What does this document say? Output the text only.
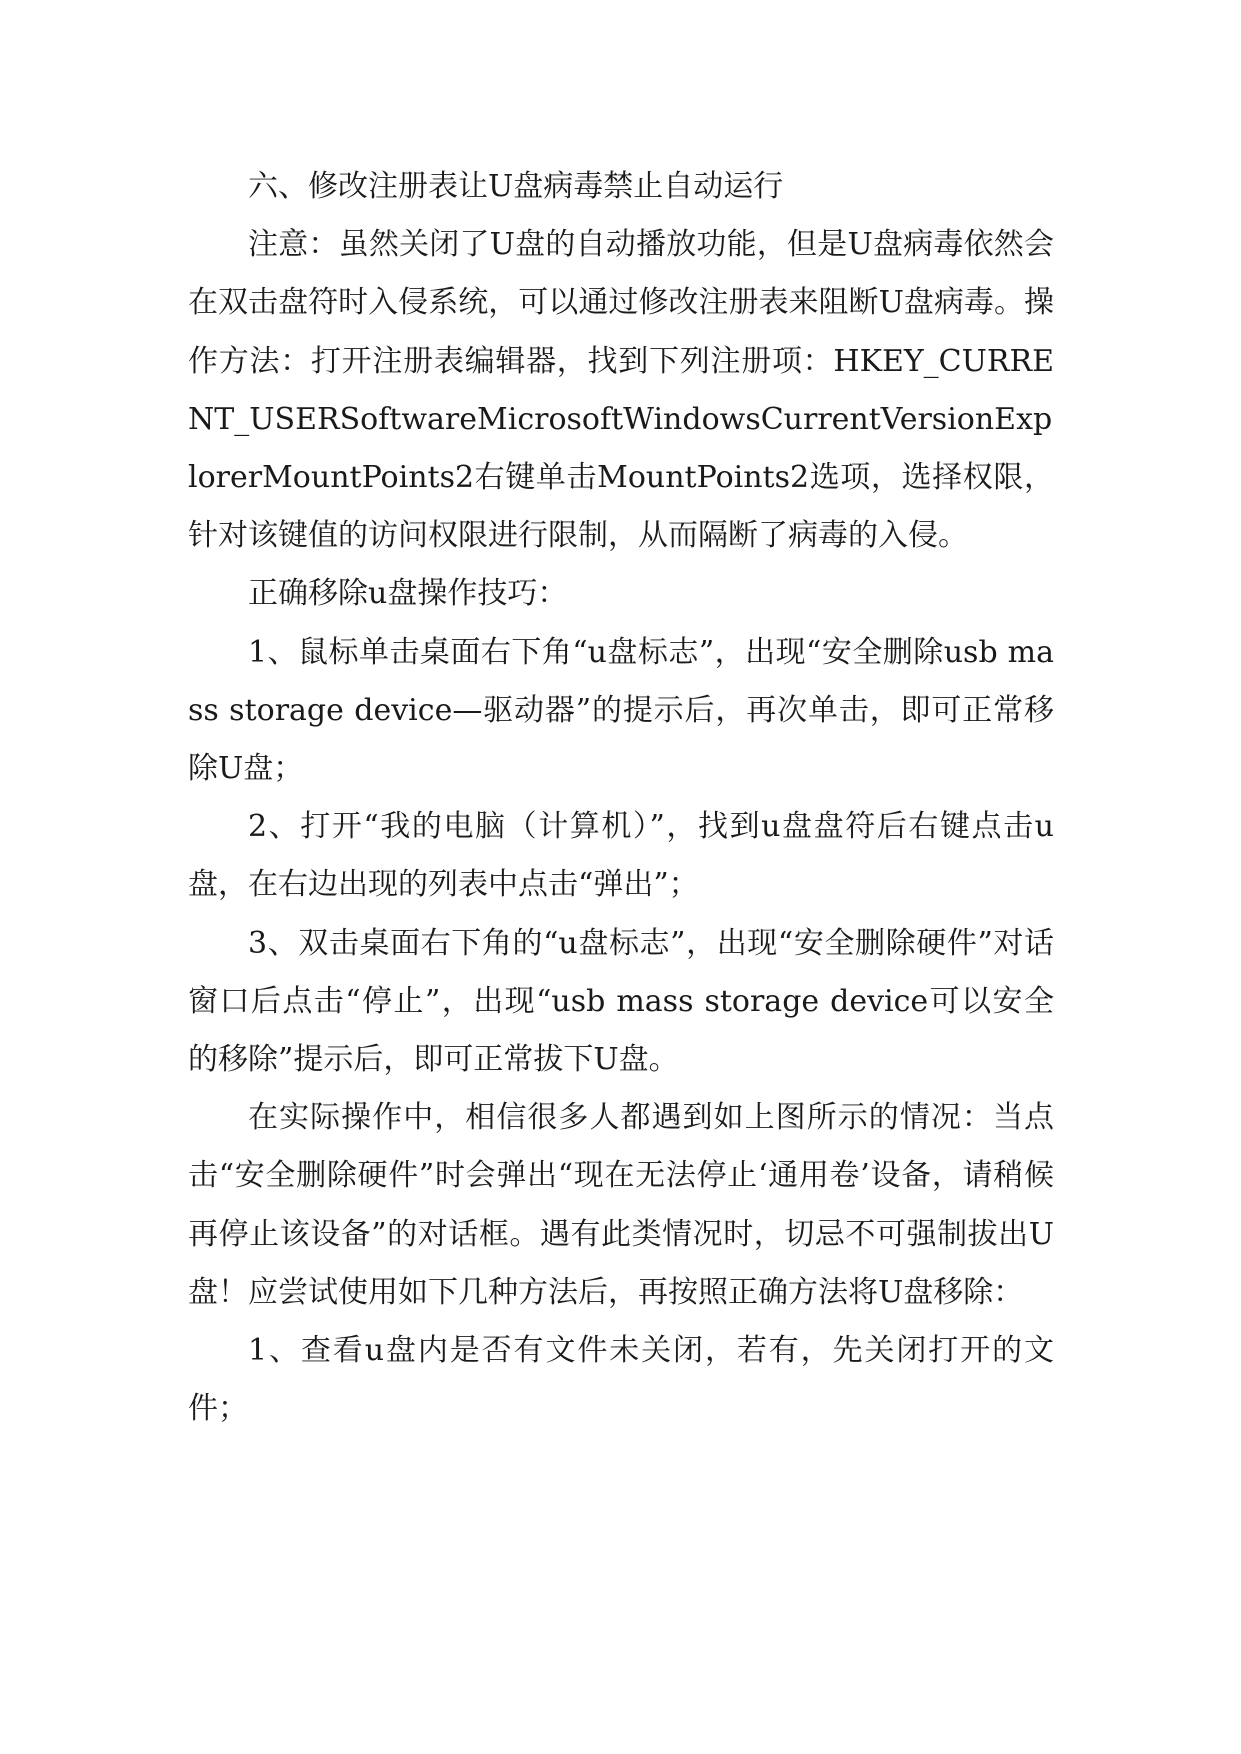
六、修改注册表让U盘病毒禁止自动运行

注意：虽然关闭了U盘的自动播放功能，但是U盘病毒依然会在双击盘符时入侵系统，可以通过修改注册表来阻断U盘病毒。操作方法：打开注册表编辑器，找到下列注册项：HKEY_CURRENT_USERSoftwareMicrosoftWindowsCurrentVersionExplorerMountPoints2右键单击MountPoints2选项，选择权限，针对该键值的访问权限进行限制，从而隔断了病毒的入侵。

正确移除u盘操作技巧：

1、鼠标单击桌面右下角“u盘标志”，出现“安全删除usb mass storage device—驱动器”的提示后，再次单击，即可正常移除U盘；

2、打开“我的电脑（计算机）”，找到u盘盘符后右键点击u盘，在右边出现的列表中点击“弹出”；

3、双击桌面右下角的“u盘标志”，出现“安全删除硬件”对话窗口后点击“停止”，出现“usb mass storage device可以安全的移除”提示后，即可正常拔下U盘。

在实际操作中，相信很多人都遇到如上图所示的情况：当点击“安全删除硬件”时会弹出“现在无法停止‘通用卷’设备，请稍候再停止该设备”的对话框。遇有此类情况时，切忌不可强制拔出U盘！应尝试使用如下几种方法后，再按照正确方法将U盘移除：

1、查看u盘内是否有文件未关闭，若有，先关闭打开的文件；
